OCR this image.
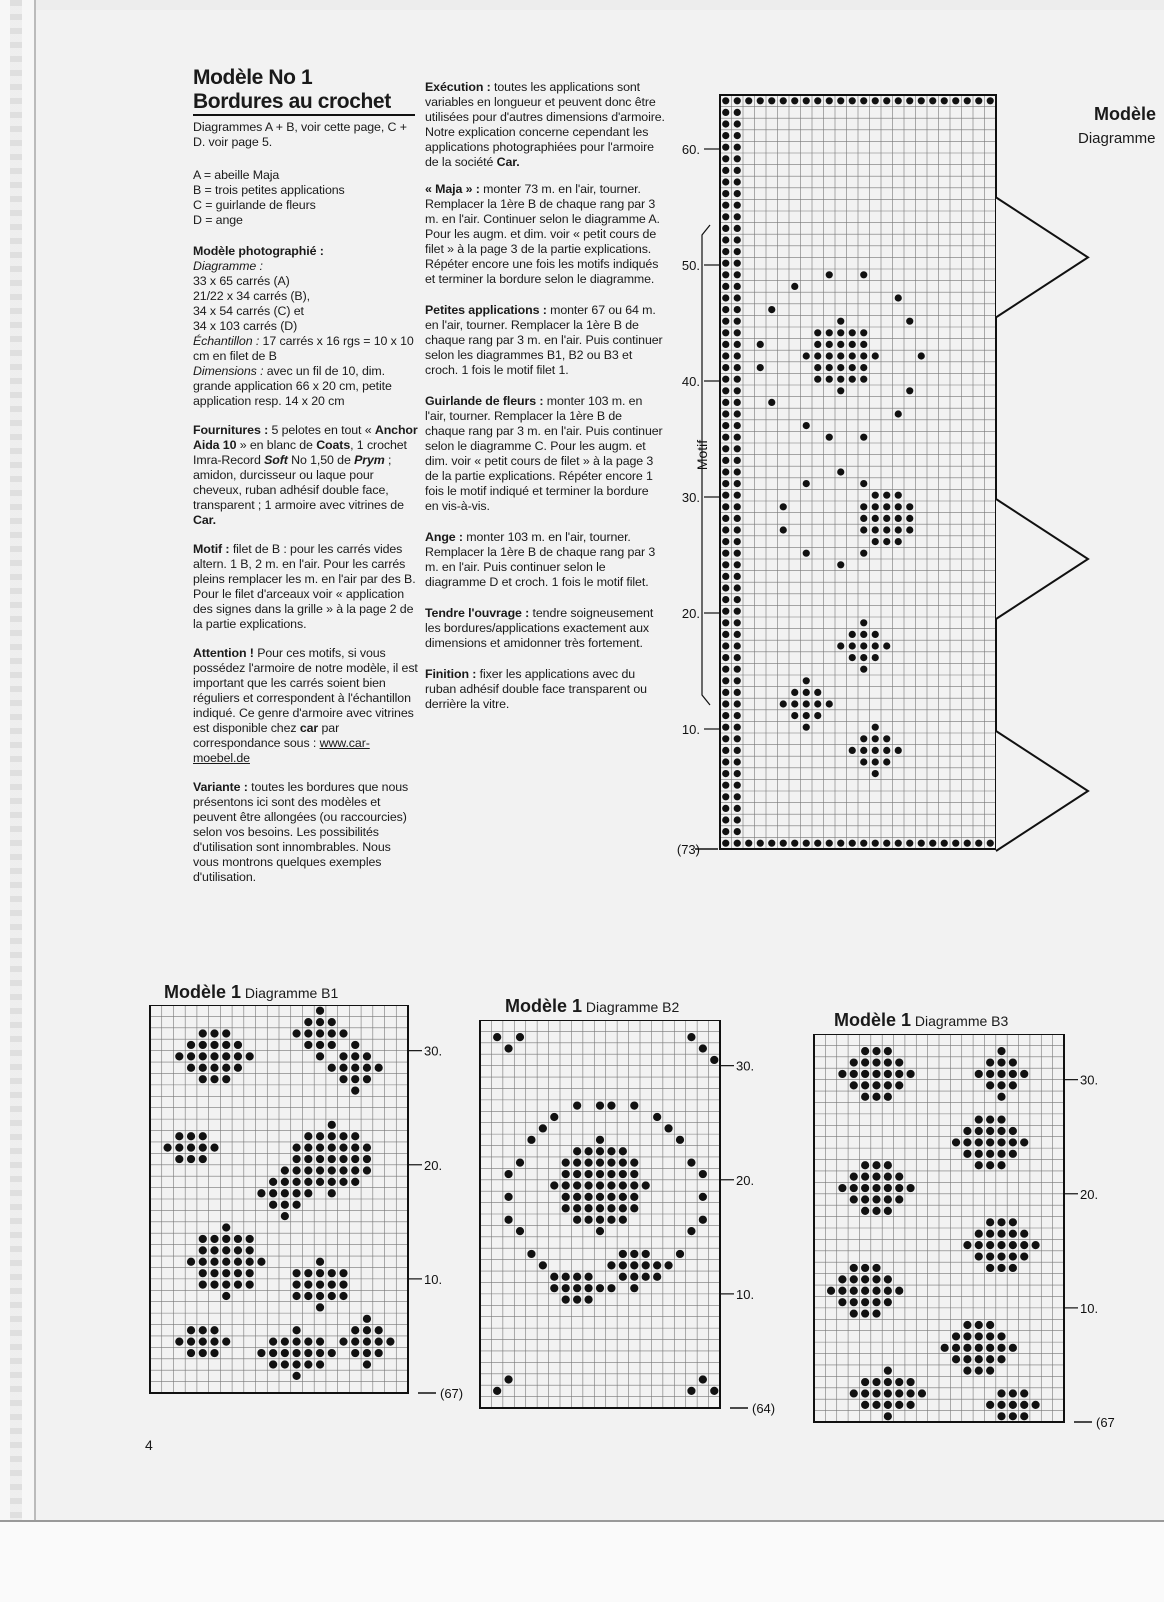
Modèle No 1
Bordures au crochet

Diagrammes A + B, voir cette page, C + D. voir page 5.

A = abeille Maja
B = trois petites applications
C = guirlande de fleurs
D = ange

Modèle photographié :
Diagramme :
33 x 65 carrés (A)
21/22 x 34 carrés (B),
34 x 54 carrés (C) et
34 x 103 carrés (D)
Échantillon : 17 carrés x 16 rgs = 10 x 10 cm en filet de B
Dimensions : avec un fil de 10, dim. grande application 66 x 20 cm, petite application resp. 14 x 20 cm

Fournitures : 5 pelotes en tout « Anchor Aida 10 » en blanc de Coats, 1 crochet Imra-Record Soft No 1,50 de Prym ; amidon, durcisseur ou laque pour cheveux, ruban adhésif double face, transparent ; 1 armoire avec vitrines de Car.

Motif : filet de B : pour les carrés vides altern. 1 B, 2 m. en l'air. Pour les carrés pleins remplacer les m. en l'air par des B. Pour le filet d'arceaux voir « application des signes dans la grille » à la page 2 de la partie explications.

Attention ! Pour ces motifs, si vous possédez l'armoire de notre modèle, il est important que les carrés soient bien réguliers et correspondent à l'échantillon indiqué. Ce genre d'armoire avec vitrines est disponible chez car par correspondance sous : www.car-moebel.de

Variante : toutes les bordures que nous présentons ici sont des modèles et peuvent être allongées (ou raccourcies) selon vos besoins. Les possibilités d'utilisation sont innombrables. Nous vous montrons quelques exemples d'utilisation.

Exécution : toutes les applications sont variables en longueur et peuvent donc être utilisées pour d'autres dimensions d'armoire. Notre explication concerne cependant les applications photographiées pour l'armoire de la société Car.

« Maja » : monter 73 m. en l'air, tourner. Remplacer la 1ère B de chaque rang par 3 m. en l'air. Continuer selon le diagramme A. Pour les augm. et dim. voir « petit cours de filet » à la page 3 de la partie explications. Répéter encore une fois les motifs indiqués et terminer la bordure selon le diagramme.

Petites applications : monter 67 ou 64 m. en l'air, tourner. Remplacer la 1ère B de chaque rang par 3 m. en l'air. Puis continuer selon les diagrammes B1, B2 ou B3 et croch. 1 fois le motif filet 1.

Guirlande de fleurs : monter 103 m. en l'air, tourner. Remplacer la 1ère B de chaque rang par 3 m. en l'air. Puis continuer selon le diagramme C. Pour les augm. et dim. voir « petit cours de filet » à la page 3 de la partie explications. Répéter encore 1 fois le motif indiqué et terminer la bordure en vis-à-vis.

Ange : monter 103 m. en l'air, tourner. Remplacer la 1ère B de chaque rang par 3 m. en l'air. Puis continuer selon le diagramme D et croch. 1 fois le motif filet.

Tendre l'ouvrage : tendre soigneusement les bordures/applications exactement aux dimensions et amidonner très fortement.

Finition : fixer les applications avec du ruban adhésif double face transparent ou derrière la vitre.

Modèle
Diagramme
10.
20.
30.
40.
50.
60.
(73)
Motif
Modèle 1 Diagramme B1
10.
20.
30.
(67)
Modèle 1 Diagramme B2
10.
20.
30.
(64)
Modèle 1 Diagramme B3
10.
20.
30.
(67
4
